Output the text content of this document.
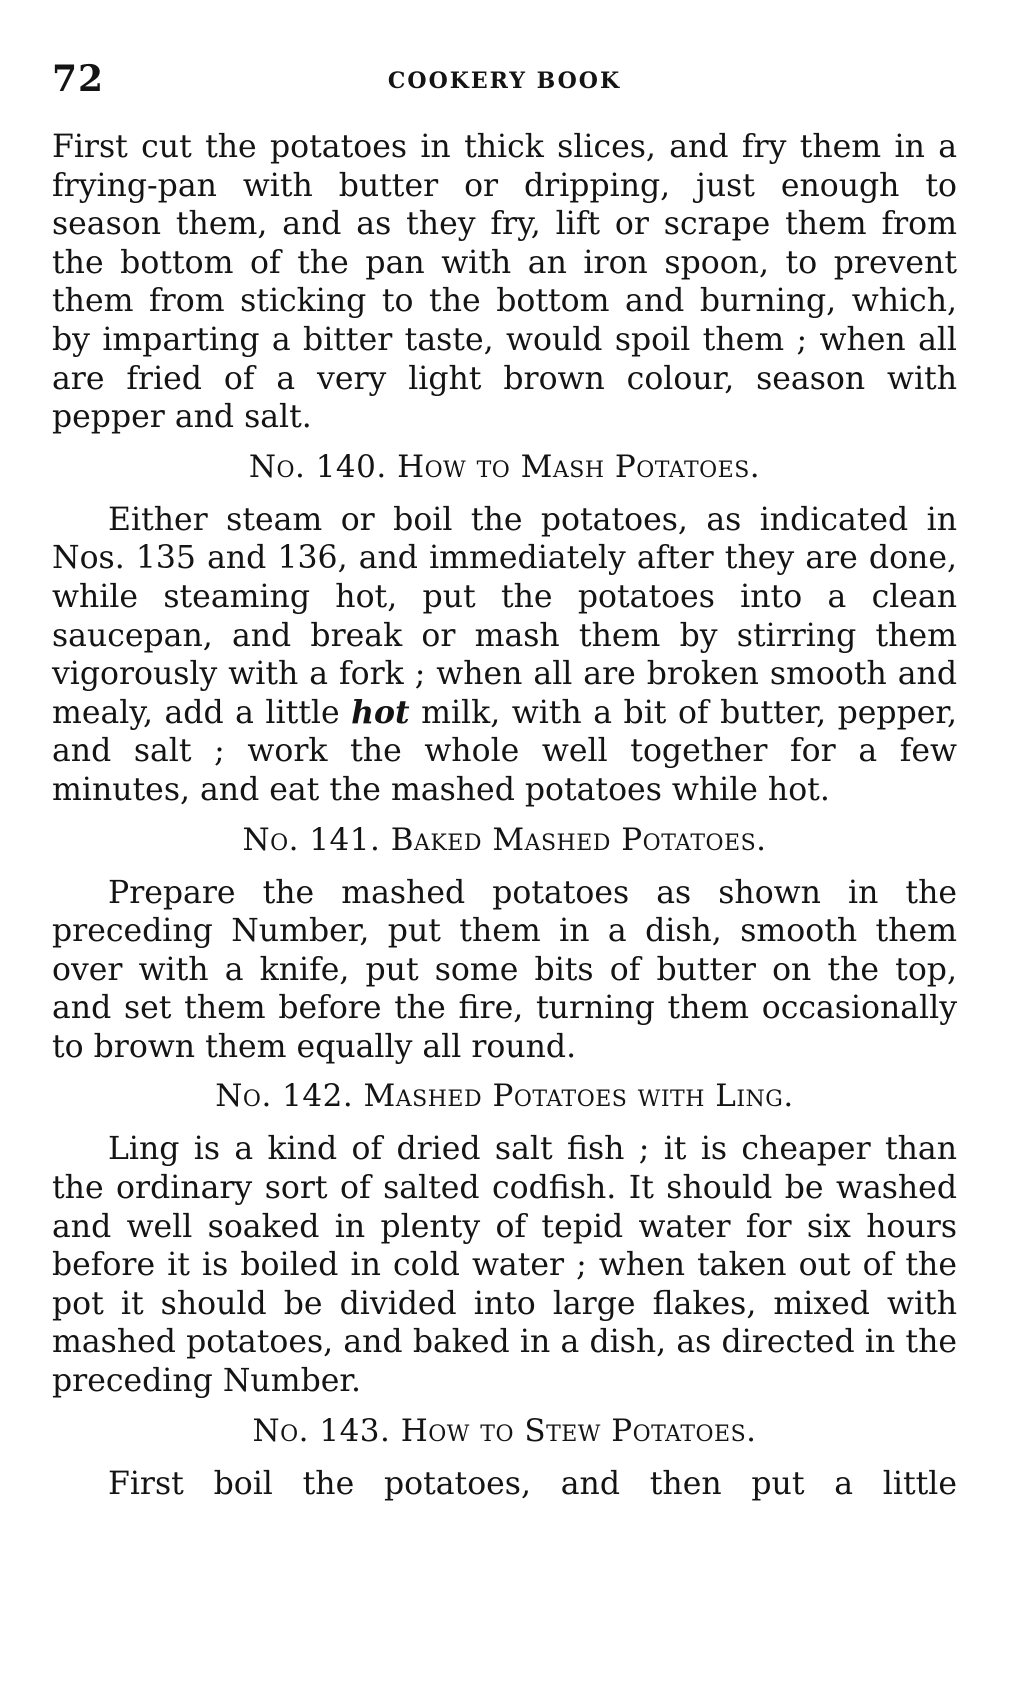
72	COOKERY BOOK

First cut the potatoes in thick slices, and fry them in a frying-pan with butter or dripping, just enough to season them, and as they fry, lift or scrape them from the bottom of the pan with an iron spoon, to prevent them from sticking to the bottom and burning, which, by imparting a bitter taste, would spoil them ; when all are fried of a very light brown colour, season with pepper and salt.

No. 140. How to Mash Potatoes.

Either steam or boil the potatoes, as indicated in Nos. 135 and 136, and immediately after they are done, while steaming hot, put the potatoes into a clean saucepan, and break or mash them by stirring them vigorously with a fork ; when all are broken smooth and mealy, add a little hot milk, with a bit of butter, pepper, and salt ; work the whole well together for a few minutes, and eat the mashed potatoes while hot.

No. 141. Baked Mashed Potatoes.

Prepare the mashed potatoes as shown in the preceding Number, put them in a dish, smooth them over with a knife, put some bits of butter on the top, and set them before the fire, turning them occasionally to brown them equally all round.

No. 142. Mashed Potatoes with Ling.

Ling is a kind of dried salt fish ; it is cheaper than the ordinary sort of salted codfish. It should be washed and well soaked in plenty of tepid water for six hours before it is boiled in cold water ; when taken out of the pot it should be divided into large flakes, mixed with mashed potatoes, and baked in a dish, as directed in the preceding Number.

No. 143. How to Stew Potatoes.

First boil the potatoes, and then put a little
